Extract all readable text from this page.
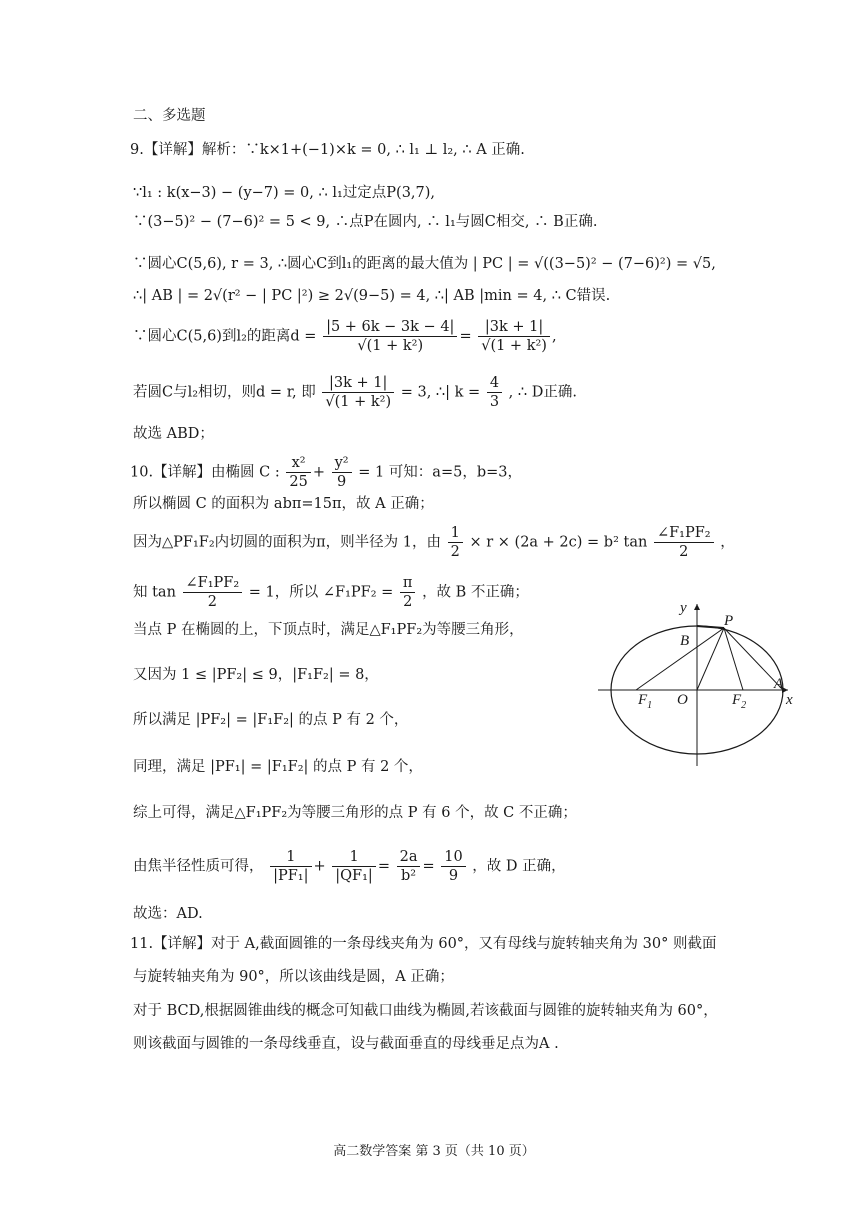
二、多选题
9.【详解】解析：∵k×1+(−1)×k = 0, ∴ l₁ ⊥ l₂, ∴ A 正确.
∵l₁ : k(x−3) − (y−7) = 0, ∴ l₁过定点P(3,7),
∵(3−5)² − (7−6)² = 5 < 9, ∴点P在圆内, ∴ l₁与圆C相交, ∴ B正确.
∵圆心C(5,6), r = 3, ∴圆心C到l₁的距离的最大值为 | PC | = √((3−5)² − (7−6)²) = √5,
∴| AB | = 2√(r² − | PC |²) ≥ 2√(9−5) = 4, ∴| AB |min = 4, ∴ C错误.
∵圆心C(5,6)到l₂的距离$d = \frac{|5 + 6k - 3k - 4|}{\text{√(1 + k²)}} = \frac{|3k + 1|}{\text{√(1 + k²)}}$ ,
若圆C与l₂相切，则d = r, 即 $\frac{|3k + 1|}{\text{√(1 + k²)}} = 3$, ∴| $k = \frac{4}{3}$ , ∴ D正确.
故选 ABD；
10.【详解】由椭圆 C : $\frac{\text{x²}}{25} + \frac{\text{y²}}{9} = 1$ 可知：a=5，b=3，
所以椭圆 C 的面积为 abπ=15π，故 A 正确；
因为△PF₁F₂内切圆的面积为π，则半径为 1，由 $\frac{1}{2} \times r \times (2a + 2c) = b^2$ $\tan \frac{\text{∠F₁PF₂}}{2}$ ，
知 $\tan \frac{\text{∠F₁PF₂}}{2} = 1$，所以 ∠F₁PF₂ = $\frac{\pi}{2}$ ，故 B 不正确；
当点 P 在椭圆的上，下顶点时，满足△F₁PF₂为等腰三角形，
又因为 1 ≤ |PF₂| ≤ 9，|F₁F₂| = 8，
所以满足 |PF₂| = |F₁F₂| 的点 P 有 2 个，
同理，满足 |PF₁| = |F₁F₂| 的点 P 有 2 个，
综上可得，满足△F₁PF₂为等腰三角形的点 P 有 6 个，故 C 不正确；
由焦半径性质可得， $\frac{1}{\text{|PF₁|}} + \frac{1}{\text{|QF₁|}} = \frac{2a}{\text{b²}} = \frac{10}{9}$ ，故 D 正确，
故选：AD.
11.【详解】对于 A,截面圆锥的一条母线夹角为 60°，又有母线与旋转轴夹角为 30° 则截面
与旋转轴夹角为 90°，所以该曲线是圆，A 正确；
对于 BCD,根据圆锥曲线的概念可知截口曲线为椭圆,若该截面与圆锥的旋转轴夹角为 60°，
则该截面与圆锥的一条母线垂直，设与截面垂直的母线垂足点为A .
y
x
P
B
A
$F_1$ O	$F_2$
高二数学答案 第 3 页（共 10 页）
